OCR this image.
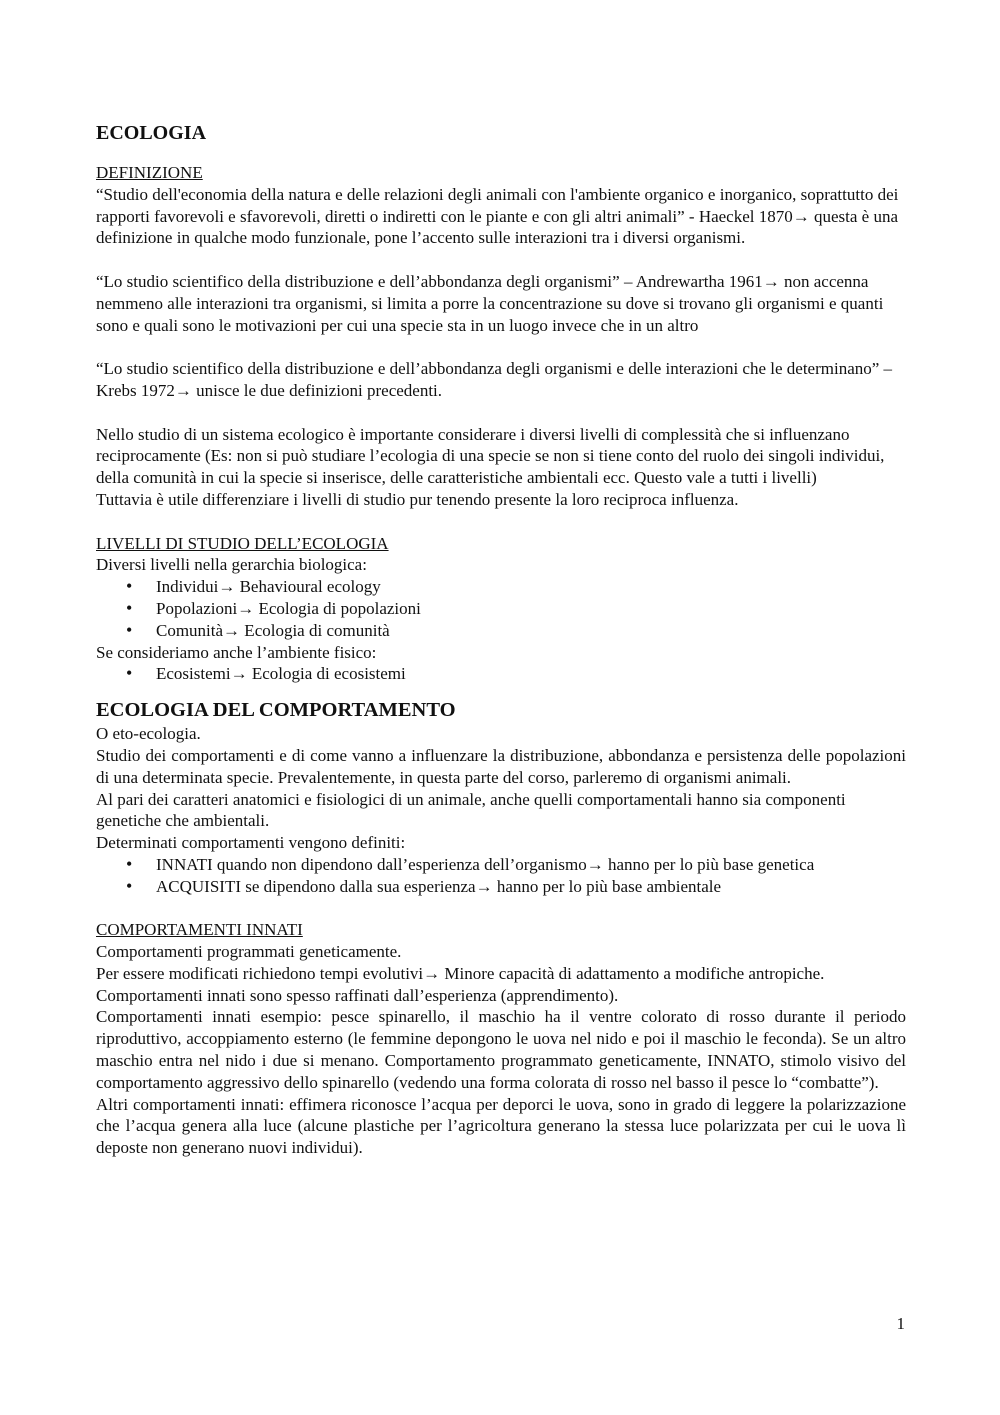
ECOLOGIA

DEFINIZIONE

“Studio dell'economia della natura e delle relazioni degli animali con l'ambiente organico e inorganico, soprattutto dei rapporti favorevoli e sfavorevoli, diretti o indiretti con le piante e con gli altri animali” - Haeckel 1870→ questa è una definizione in qualche modo funzionale, pone l’accento sulle interazioni tra i diversi organismi.

“Lo studio scientifico della distribuzione e dell’abbondanza degli organismi” – Andrewartha 1961→ non accenna nemmeno alle interazioni tra organismi, si limita a porre la concentrazione su dove si trovano gli organismi e quanti sono e quali sono le motivazioni per cui una specie sta in un luogo invece che in un altro

“Lo studio scientifico della distribuzione e dell’abbondanza degli organismi e delle interazioni che le determinano” – Krebs 1972→ unisce le due definizioni precedenti.

Nello studio di un sistema ecologico è importante considerare i diversi livelli di complessità che si influenzano reciprocamente (Es: non si può studiare l’ecologia di una specie se non si tiene conto del ruolo dei singoli individui, della comunità in cui la specie si inserisce, delle caratteristiche ambientali ecc. Questo vale a tutti i livelli)

Tuttavia è utile differenziare i livelli di studio pur tenendo presente la loro reciproca influenza.

LIVELLI DI STUDIO DELL’ECOLOGIA

Diversi livelli nella gerarchia biologica:

• Individui→ Behavioural ecology
• Popolazioni→ Ecologia di popolazioni
• Comunità→ Ecologia di comunità

Se consideriamo anche l’ambiente fisico:

• Ecosistemi→ Ecologia di ecosistemi

ECOLOGIA DEL COMPORTAMENTO

O eto-ecologia.

Studio dei comportamenti e di come vanno a influenzare la distribuzione, abbondanza e persistenza delle popolazioni di una determinata specie. Prevalentemente, in questa parte del corso, parleremo di organismi animali.

Al pari dei caratteri anatomici e fisiologici di un animale, anche quelli comportamentali hanno sia componenti genetiche che ambientali.

Determinati comportamenti vengono definiti:

• INNATI quando non dipendono dall’esperienza dell’organismo→ hanno per lo più base genetica
• ACQUISITI se dipendono dalla sua esperienza→ hanno per lo più base ambientale

COMPORTAMENTI INNATI

Comportamenti programmati geneticamente.

Per essere modificati richiedono tempi evolutivi→ Minore capacità di adattamento a modifiche antropiche.

Comportamenti innati sono spesso raffinati dall’esperienza (apprendimento).

Comportamenti innati esempio: pesce spinarello, il maschio ha il ventre colorato di rosso durante il periodo riproduttivo, accoppiamento esterno (le femmine depongono le uova nel nido e poi il maschio le feconda). Se un altro maschio entra nel nido i due si menano. Comportamento programmato geneticamente, INNATO, stimolo visivo del comportamento aggressivo dello spinarello (vedendo una forma colorata di rosso nel basso il pesce lo “combatte”).

Altri comportamenti innati: effimera riconosce l’acqua per deporci le uova, sono in grado di leggere la polarizzazione che l’acqua genera alla luce (alcune plastiche per l’agricoltura generano la stessa luce polarizzata per cui le uova lì deposte non generano nuovi individui).

1
